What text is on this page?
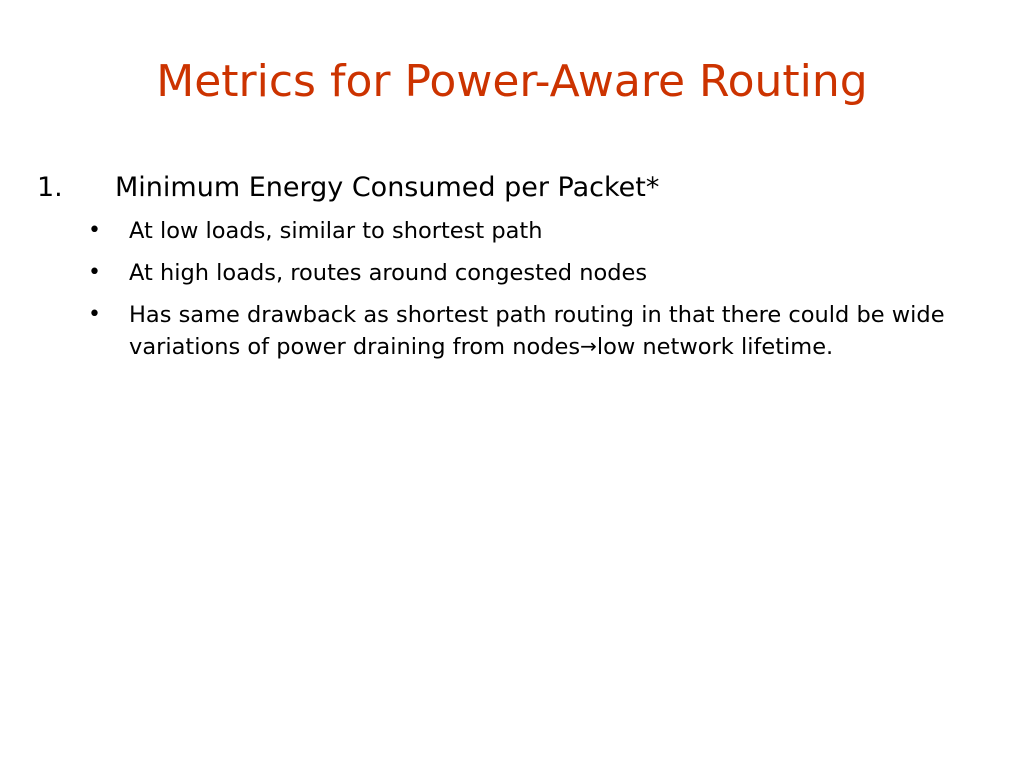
Metrics for Power-Aware Routing
1. Minimum Energy Consumed per Packet*
• At low loads, similar to shortest path
• At high loads, routes around congested nodes
• Has same drawback as shortest path routing in that there could be wide variations of power draining from nodes→low network lifetime.
